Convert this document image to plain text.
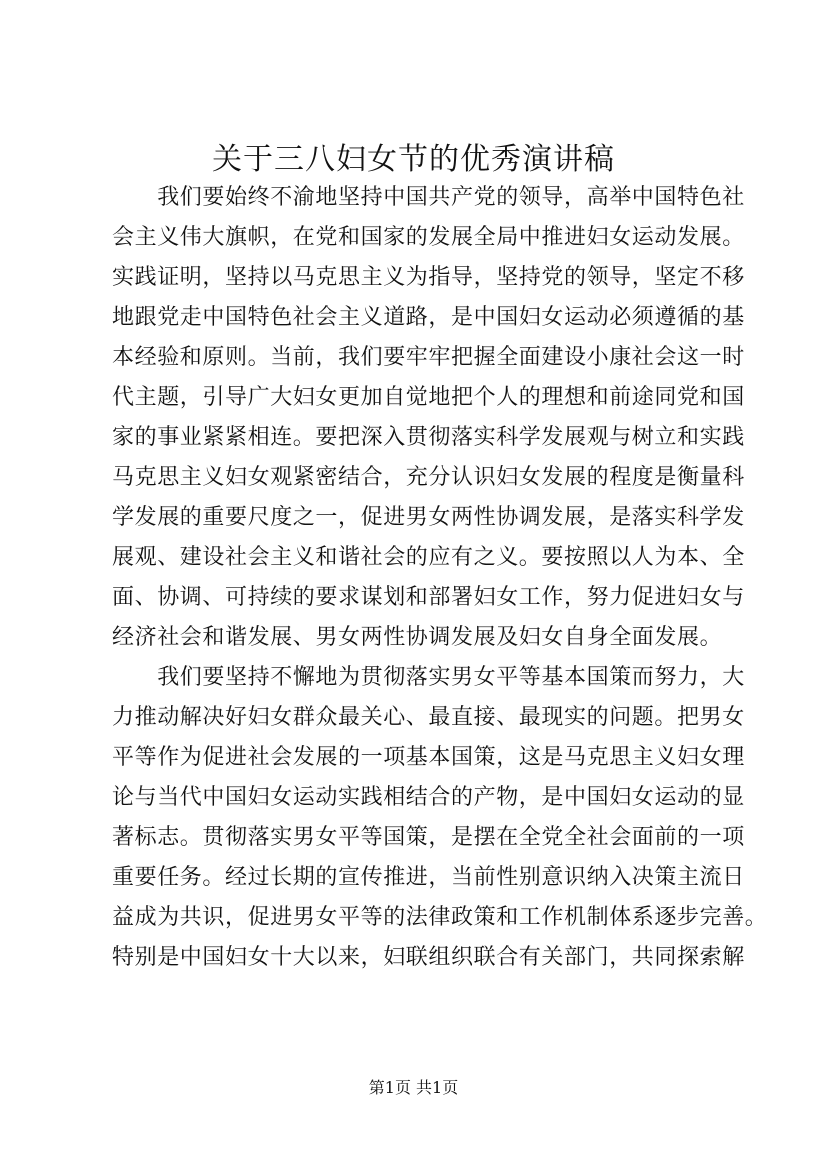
关于三八妇女节的优秀演讲稿
　　我们要始终不渝地坚持中国共产党的领导，高举中国特色社
会主义伟大旗帜，在党和国家的发展全局中推进妇女运动发展。
实践证明，坚持以马克思主义为指导，坚持党的领导，坚定不移
地跟党走中国特色社会主义道路，是中国妇女运动必须遵循的基
本经验和原则。当前，我们要牢牢把握全面建设小康社会这一时
代主题，引导广大妇女更加自觉地把个人的理想和前途同党和国
家的事业紧紧相连。要把深入贯彻落实科学发展观与树立和实践
马克思主义妇女观紧密结合，充分认识妇女发展的程度是衡量科
学发展的重要尺度之一，促进男女两性协调发展，是落实科学发
展观、建设社会主义和谐社会的应有之义。要按照以人为本、全
面、协调、可持续的要求谋划和部署妇女工作，努力促进妇女与
经济社会和谐发展、男女两性协调发展及妇女自身全面发展。
　　我们要坚持不懈地为贯彻落实男女平等基本国策而努力，大
力推动解决好妇女群众最关心、最直接、最现实的问题。把男女
平等作为促进社会发展的一项基本国策，这是马克思主义妇女理
论与当代中国妇女运动实践相结合的产物，是中国妇女运动的显
著标志。贯彻落实男女平等国策，是摆在全党全社会面前的一项
重要任务。经过长期的宣传推进，当前性别意识纳入决策主流日
益成为共识，促进男女平等的法律政策和工作机制体系逐步完善。
特别是中国妇女十大以来，妇联组织联合有关部门，共同探索解
第1页 共1页
